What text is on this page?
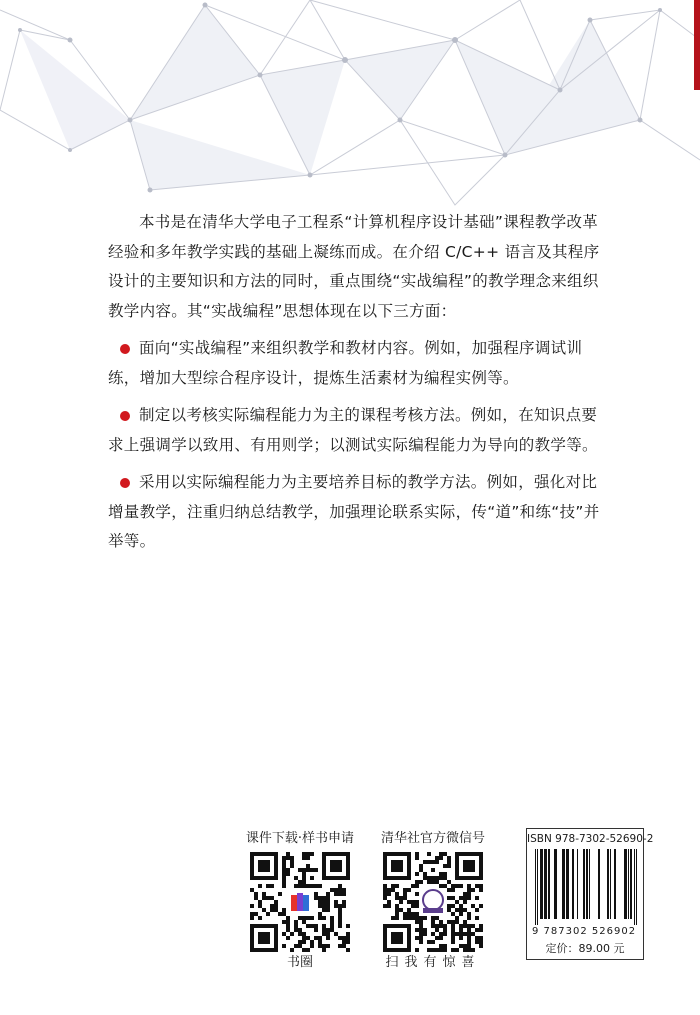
本书是在清华大学电子工程系“计算机程序设计基础”课程教学改革经验和多年教学实践的基础上凝练而成。在介绍 C/C++ 语言及其程序设计的主要知识和方法的同时，重点围绕“实战编程”的教学理念来组织教学内容。其“实战编程”思想体现在以下三方面：

面向“实战编程”来组织教学和教材内容。例如，加强程序调试训练，增加大型综合程序设计，提炼生活素材为编程实例等。

制定以考核实际编程能力为主的课程考核方法。例如，在知识点要求上强调学以致用、有用则学；以测试实际编程能力为导向的教学等。

采用以实际编程能力为主要培养目标的教学方法。例如，强化对比增量教学，注重归纳总结教学，加强理论联系实际，传“道”和练“技”并举等。

课件下载·样书申请
书圈
清华社官方微信号
扫我有惊喜
ISBN 978-7302-52690-2
9 787302 526902
定价：89.00 元
